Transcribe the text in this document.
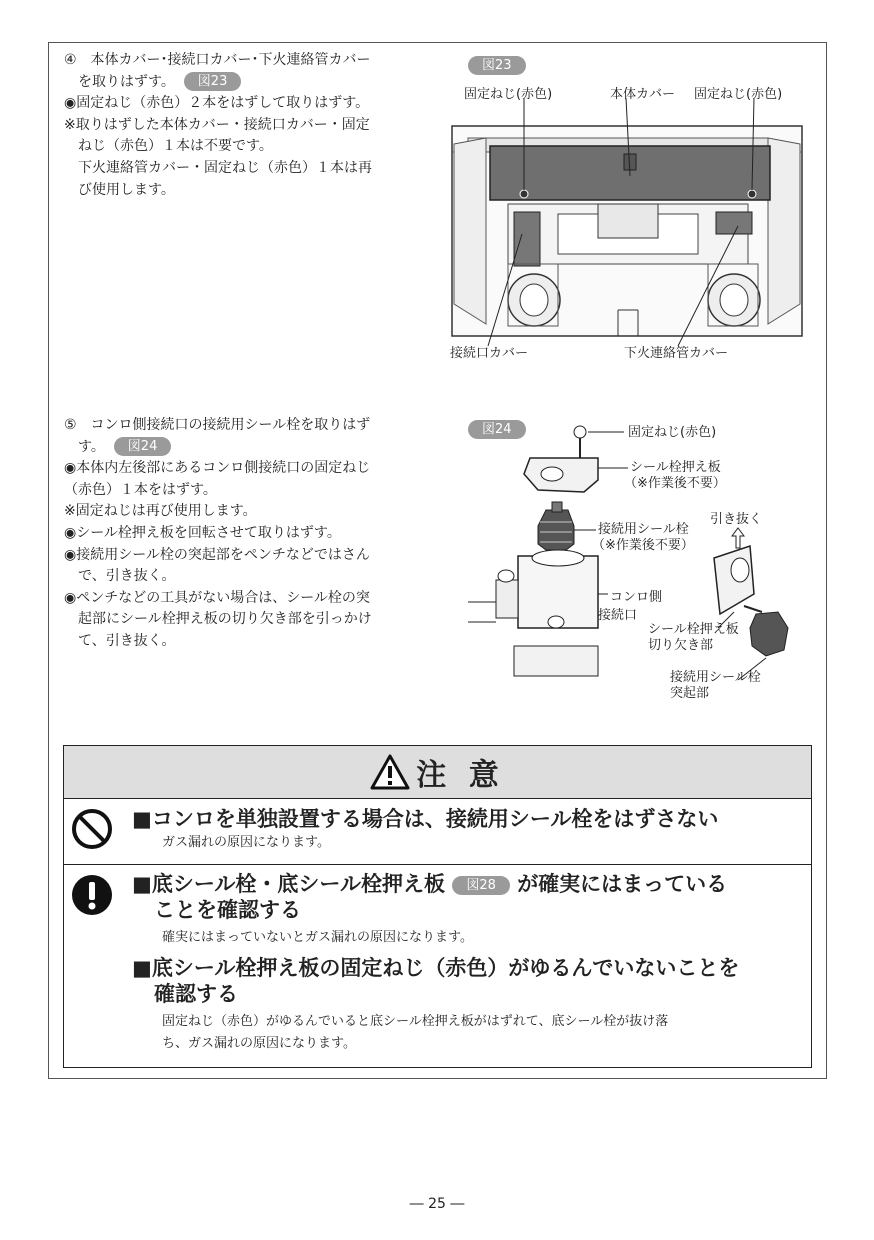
④　本体カバー･接続口カバー･下火連絡管カバー

を取りはずす。 図23

◉固定ねじ（赤色）２本をはずして取りはずす。

※取りはずした本体カバー・接続口カバー・固定

ねじ（赤色）１本は不要です。

下火連絡管カバー・固定ねじ（赤色）１本は再

び使用します。

図23
固定ねじ(赤色)	本体カバー 固定ねじ(赤色)
接続口カバー	下火連絡管カバー

⑤　コンロ側接続口の接続用シール栓を取りはず

す。 図24

◉本体内左後部にあるコンロ側接続口の固定ねじ

（赤色）１本をはずす。

※固定ねじは再び使用します。

◉シール栓押え板を回転させて取りはずす。

◉接続用シール栓の突起部をペンチなどではさん

で、引き抜く。

◉ペンチなどの工具がない場合は、シール栓の突

起部にシール栓押え板の切り欠き部を引っかけ

て、引き抜く。

図24	固定ねじ(赤色)
シール栓押え板
（※作業後不要）
接続用シール栓
（※作業後不要）
引き抜く
コンロ側
接続口
シール栓押え板
切り欠き部
接続用シール栓
突起部
注 意

■コンロを単独設置する場合は、接続用シール栓をはずさない

ガス漏れの原因になります。

■底シール栓・底シール栓押え板 図28 が確実にはまっている

ことを確認する

確実にはまっていないとガス漏れの原因になります。

■底シール栓押え板の固定ねじ（赤色）がゆるんでいないことを

確認する

固定ねじ（赤色）がゆるんでいると底シール栓押え板がはずれて、底シール栓が抜け落

ち、ガス漏れの原因になります。

― 25 ―
